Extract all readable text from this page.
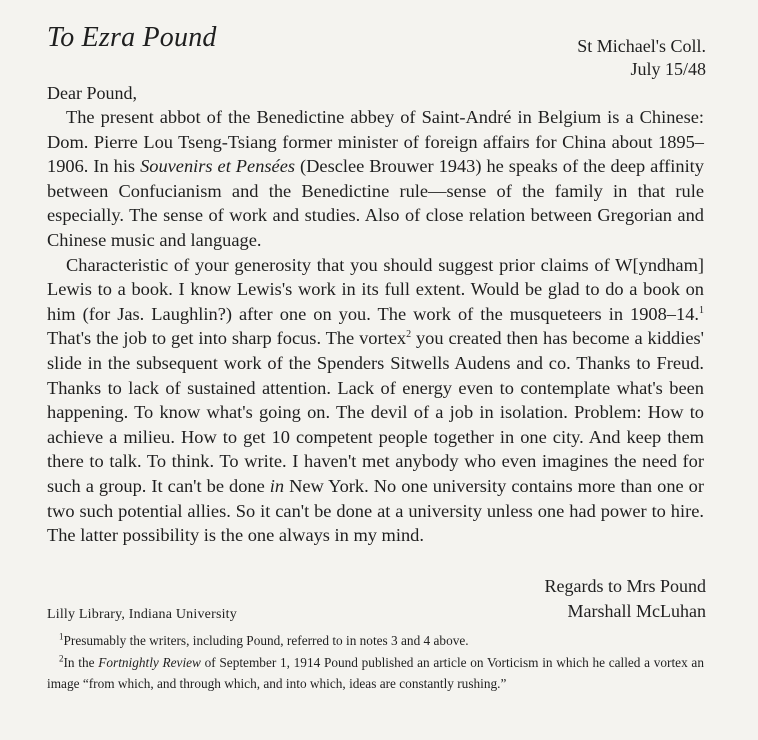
To Ezra Pound	St Michael's Coll.
July 15/48
Dear Pound,

The present abbot of the Benedictine abbey of Saint-André in Belgium is a Chinese: Dom. Pierre Lou Tseng-Tsiang former minister of foreign affairs for China about 1895–1906. In his Souvenirs et Pensées (Desclee Brouwer 1943) he speaks of the deep affinity between Confucianism and the Benedictine rule—sense of the family in that rule especially. The sense of work and studies. Also of close relation between Gregorian and Chinese music and language.

Characteristic of your generosity that you should suggest prior claims of W[yndham] Lewis to a book. I know Lewis's work in its full extent. Would be glad to do a book on him (for Jas. Laughlin?) after one on you. The work of the musqueteers in 1908–14.$^1$ That's the job to get into sharp focus. The vortex$^2$ you created then has become a kiddies' slide in the subsequent work of the Spenders Sitwells Audens and co. Thanks to Freud. Thanks to lack of sustained attention. Lack of energy even to contemplate what's been happening. To know what's going on. The devil of a job in isolation. Problem: How to achieve a milieu. How to get 10 competent people together in one city. And keep them there to talk. To think. To write. I haven't met anybody who even imagines the need for such a group. It can't be done in New York. No one university contains more than one or two such potential allies. So it can't be done at a university unless one had power to hire. The latter possibility is the one always in my mind.

Regards to Mrs Pound
Lilly Library, Indiana University	Marshall McLuhan

$^1$Presumably the writers, including Pound, referred to in notes 3 and 4 above.

$^2$In the Fortnightly Review of September 1, 1914 Pound published an article on Vorticism in which he called a vortex an image “from which, and through which, and into which, ideas are constantly rushing.”
